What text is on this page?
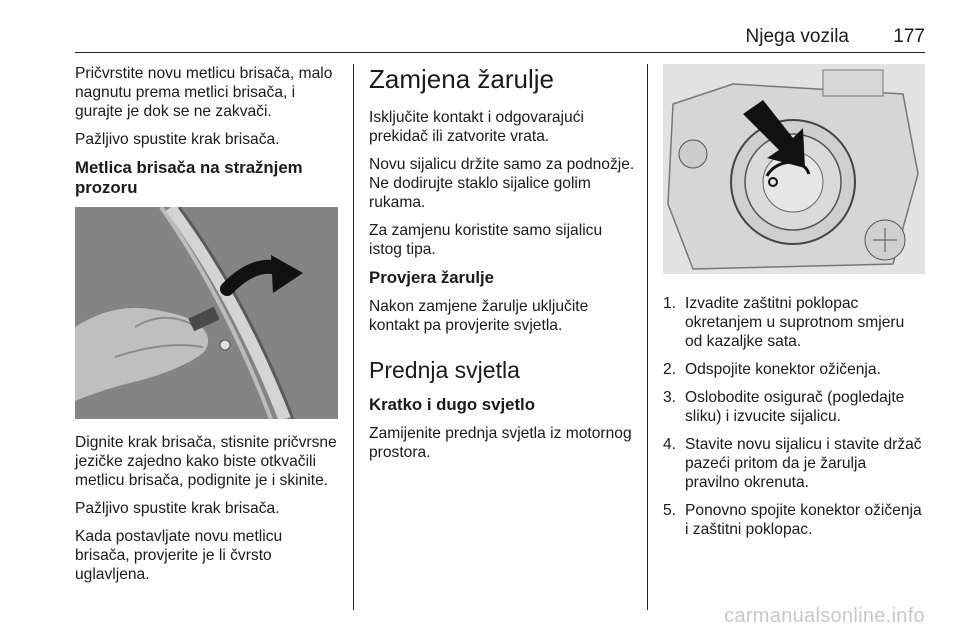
Njega vozila 177

Pričvrstite novu metlicu brisača, malo nagnutu prema metlici brisača, i gurajte je dok se ne zakvači.

Pažljivo spustite krak brisača.

Metlica brisača na stražnjem prozoru

Dignite krak brisača, stisnite pričvrsne jezičke zajedno kako biste otkvačili metlicu brisača, podignite je i skinite.

Pažljivo spustite krak brisača.

Kada postavljate novu metlicu brisača, provjerite je li čvrsto uglavljena.

Zamjena žarulje

Isključite kontakt i odgovarajući prekidač ili zatvorite vrata.

Novu sijalicu držite samo za podnožje. Ne dodirujte staklo sijalice golim rukama.

Za zamjenu koristite samo sijalicu istog tipa.

Provjera žarulje

Nakon zamjene žarulje uključite kontakt pa provjerite svjetla.

Prednja svjetla
Kratko i dugo svjetlo

Zamijenite prednja svjetla iz motornog prostora.

1. Izvadite zaštitni poklopac okretanjem u suprotnom smjeru od kazaljke sata.
2. Odspojite konektor ožičenja.
3. Oslobodite osigurač (pogledajte sliku) i izvucite sijalicu.
4. Stavite novu sijalicu i stavite držač pazeći pritom da je žarulja pravilno okrenuta.
5. Ponovno spojite konektor ožičenja i zaštitni poklopac.
carmanualsonline.info
